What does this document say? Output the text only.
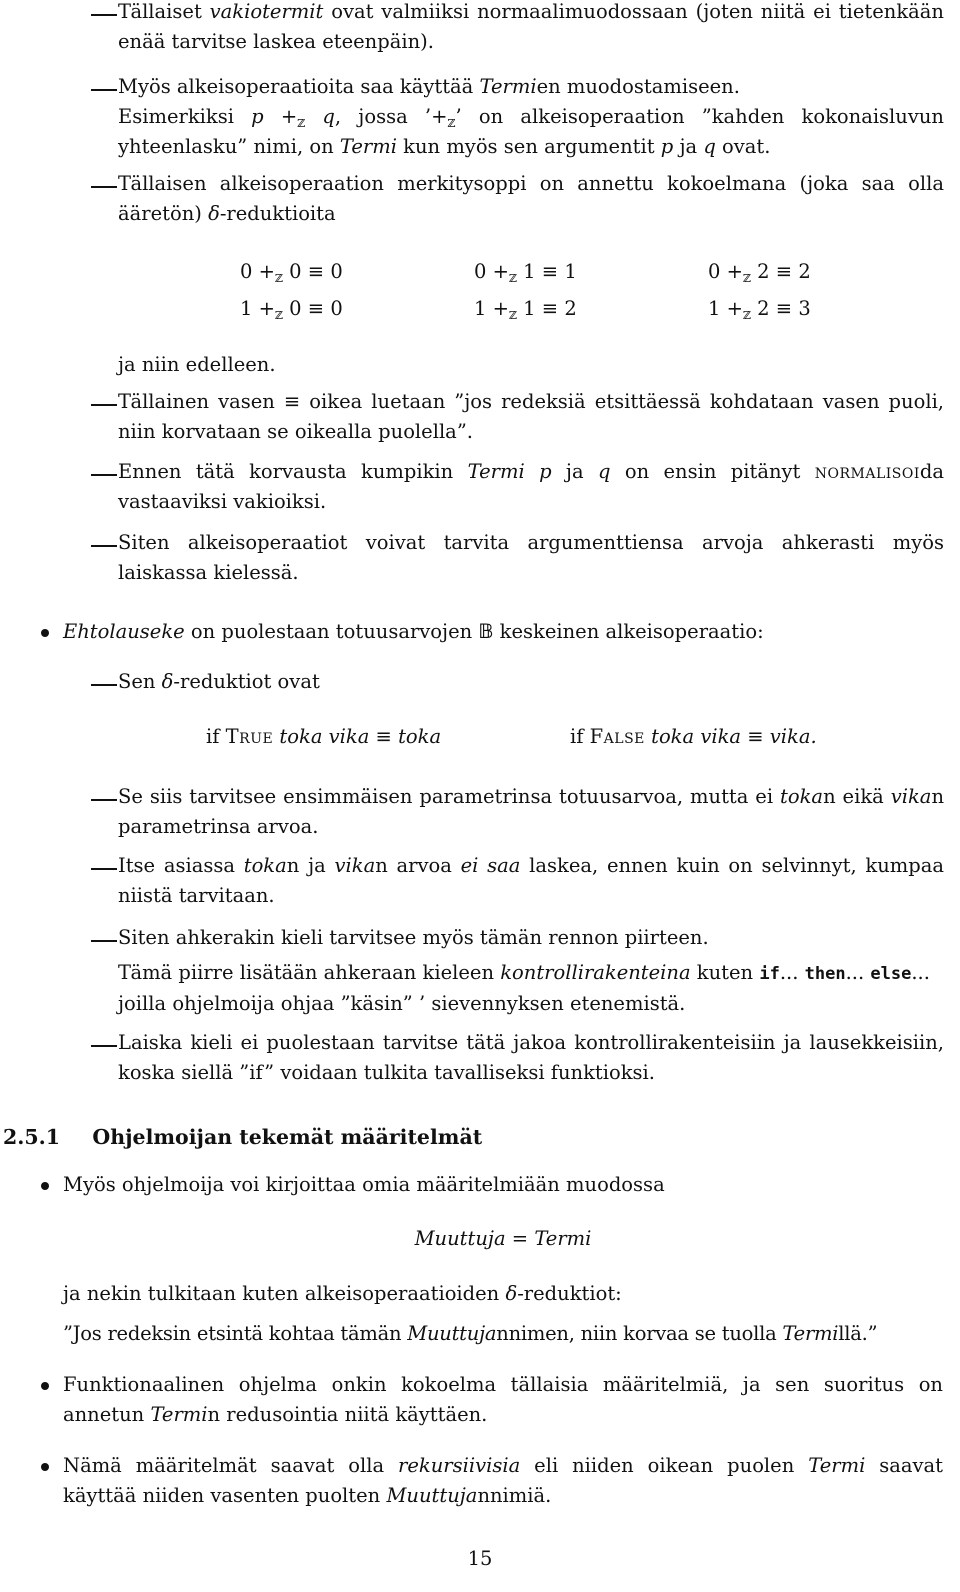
Tällaiset vakiotermit ovat valmiiksi normaalimuodossaan (joten niitä ei tietenkään enää tarvitse laskea eteenpäin).

Myös alkeisoperaatioita saa käyttää Termien muodostamiseen.

Esimerkiksi $p +_ℤ$ q, jossa $’+_ℤ$’ on alkeisoperaation ”kahden kokonaisluvun yhteenlasku” nimi, on Termi kun myös sen argumentit p ja q ovat.

Tällaisen alkeisoperaation merkitysoppi on annettu kokoelmana (joka saa olla ääretön) δ-reduktioita

$0 +_ℤ$ 0 ≡ 0	$0 +_ℤ$ 1 ≡ 1	$0 +_ℤ$ 2 ≡ 2
$1 +_ℤ$ 0 ≡ 0	$1 +_ℤ$ 1 ≡ 2	$1 +_ℤ$ 2 ≡ 3

ja niin edelleen.

Tällainen vasen ≡ oikea luetaan ”jos redeksiä etsittäessä kohdataan vasen puoli, niin korvataan se oikealla puolella”.

Ennen tätä korvausta kumpikin Termi p ja q on ensin pitänyt normalisoida vastaaviksi vakioiksi.

Siten alkeisoperaatiot voivat tarvita argumenttiensa arvoja ahkerasti myös laiskassa kielessä.

Ehtolauseke on puolestaan totuusarvojen 𝔹 keskeinen alkeisoperaatio:

Sen δ-reduktiot ovat

if True toka vika ≡ toka	if False toka vika ≡ vika.

Se siis tarvitsee ensimmäisen parametrinsa totuusarvoa, mutta ei tokan eikä vikan parametrinsa arvoa.

Itse asiassa tokan ja vikan arvoa ei saa laskea, ennen kuin on selvinnyt, kumpaa niistä tarvitaan.

Siten ahkerakin kieli tarvitsee myös tämän rennon piirteen.

Tämä piirre lisätään ahkeraan kieleen kontrollirakenteina kuten if... then... else... joilla ohjelmoija ohjaa ”käsin” ’ sievennyksen etenemistä.

Laiska kieli ei puolestaan tarvitse tätä jakoa kontrollirakenteisiin ja lausekkeisiin, koska siellä ”if” voidaan tulkita tavalliseksi funktioksi.

2.5.1 Ohjelmoijan tekemät määritelmät

Myös ohjelmoija voi kirjoittaa omia määritelmiään muodossa

Muuttuja = Termi

ja nekin tulkitaan kuten alkeisoperaatioiden δ-reduktiot:

”Jos redeksin etsintä kohtaa tämän Muuttujannimen, niin korvaa se tuolla Termillä.”

Funktionaalinen ohjelma onkin kokoelma tällaisia määritelmiä, ja sen suoritus on annetun Termin redusointia niitä käyttäen.

Nämä määritelmät saavat olla rekursiivisia eli niiden oikean puolen Termi saavat käyttää niiden vasenten puolten Muuttujannimiä.

15
